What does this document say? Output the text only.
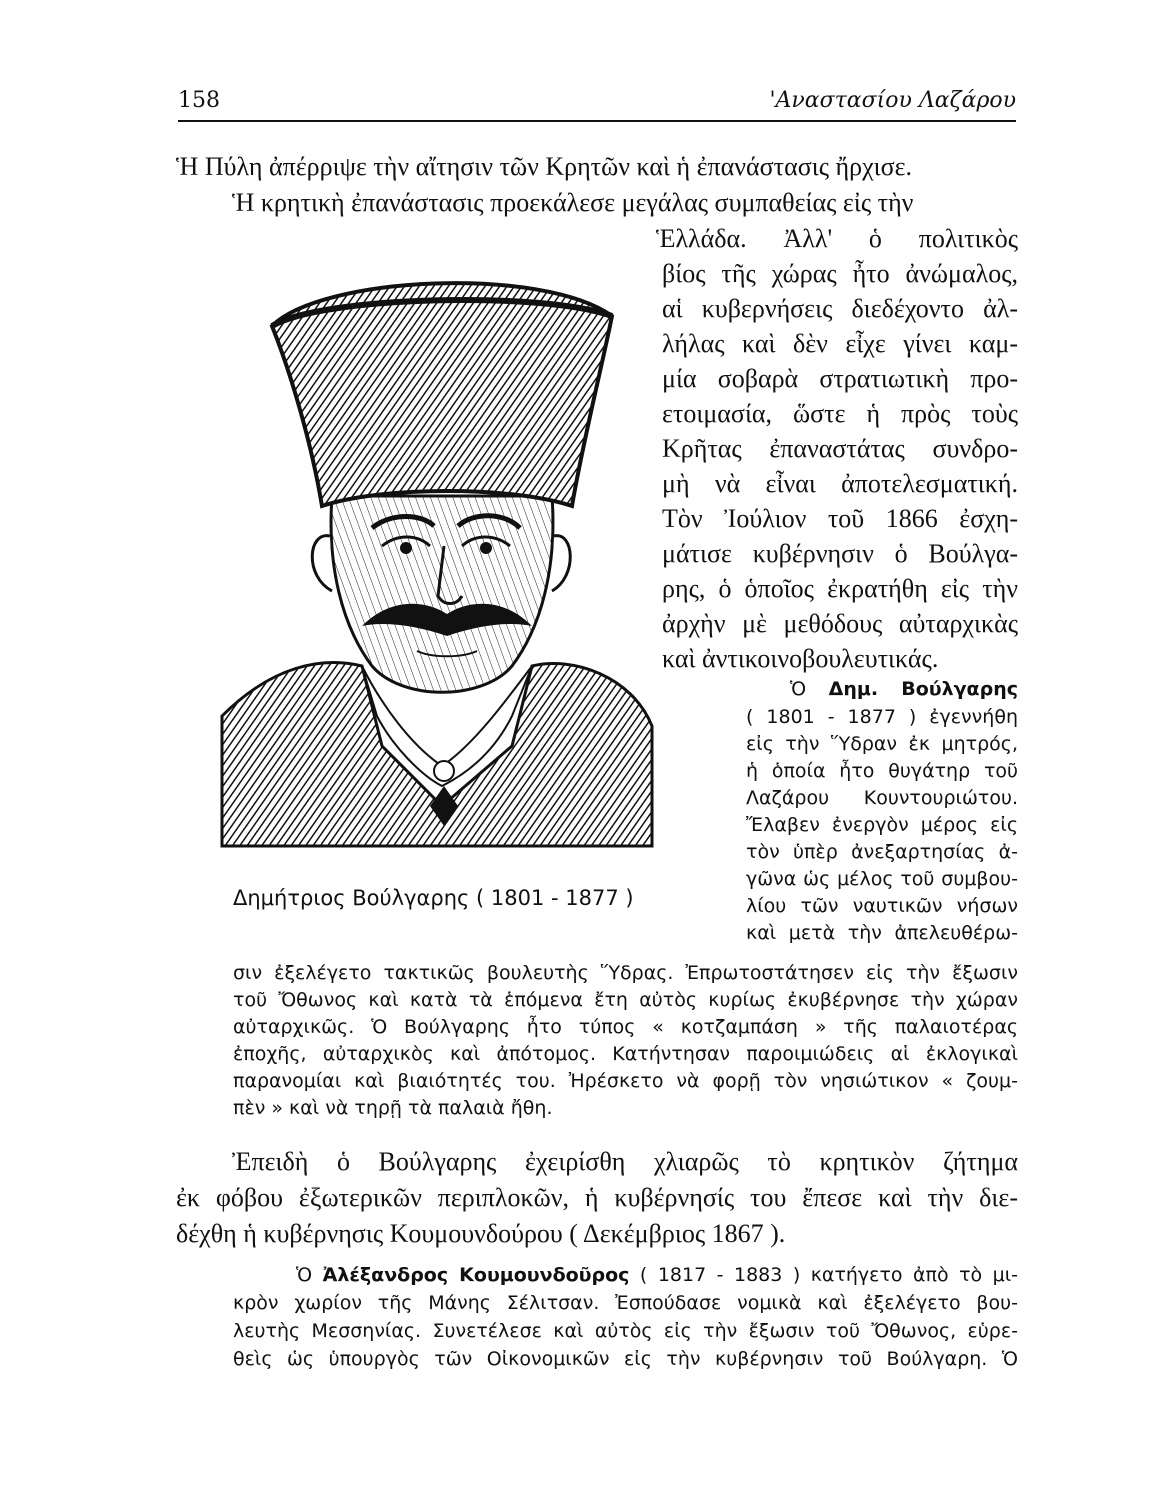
158	'Αναστασίου Λαζάρου
Ἡ Πύλη ἀπέρριψε τὴν αἴτησιν τῶν Κρητῶν καὶ ἡ ἐπανάστασις ἤρχισε.
Ἡ κρητικὴ ἐπανάστασις προεκάλεσε μεγάλας συμπαθείας εἰς τὴν
Ἑλλάδα. Ἀλλ' ὁ πολιτικὸς
βίος τῆς χώρας ἦτο ἀνώμαλος,
αἱ κυβερνήσεις διεδέχοντο ἀλ-
λήλας καὶ δὲν εἶχε γίνει καμ-
μία σοβαρὰ στρατιωτικὴ προ-
ετοιμασία, ὥστε ἡ πρὸς τοὺς
Κρῆτας ἐπαναστάτας συνδρο-
μὴ νὰ εἶναι ἀποτελεσματική.
Τὸν Ἰούλιον τοῦ 1866 ἐσχη-
μάτισε κυβέρνησιν ὁ Βούλγα-
ρης, ὁ ὁποῖος ἐκρατήθη εἰς τὴν
ἀρχὴν μὲ μεθόδους αὐταρχικὰς
καὶ ἀντικοινοβουλευτικάς.
Ὁ Δημ. Βούλγαρης
( 1801 - 1877 ) ἐγεννήθη
εἰς τὴν Ὕδραν ἐκ μητρός,
ἡ ὁποία ἦτο θυγάτηρ τοῦ
Λαζάρου Κουντουριώτου.
Ἔλαβεν ἐνεργὸν μέρος εἰς
τὸν ὑπὲρ ἀνεξαρτησίας ἀ-
γῶνα ὡς μέλος τοῦ συμβου-
λίου τῶν ναυτικῶν νήσων
καὶ μετὰ τὴν ἀπελευθέρω-
σιν ἐξελέγετο τακτικῶς βουλευτὴς Ὕδρας. Ἐπρωτοστάτησεν εἰς τὴν ἔξωσιν
τοῦ Ὄθωνος καὶ κατὰ τὰ ἑπόμενα ἔτη αὐτὸς κυρίως ἐκυβέρνησε τὴν χώραν
αὐταρχικῶς. Ὁ Βούλγαρης ἦτο τύπος « κοτζαμπάση » τῆς παλαιοτέρας
ἐποχῆς, αὐταρχικὸς καὶ ἀπότομος. Κατήντησαν παροιμιώδεις αἱ ἐκλογικαὶ
παρανομίαι καὶ βιαιότητές του. Ἠρέσκετο νὰ φορῇ τὸν νησιώτικον « ζουμ-
πὲν » καὶ νὰ τηρῇ τὰ παλαιὰ ἤθη.
Δημήτριος Βούλγαρης ( 1801 - 1877 )
Ἐπειδὴ ὁ Βούλγαρης ἐχειρίσθη χλιαρῶς τὸ κρητικὸν ζήτημα
ἐκ φόβου ἐξωτερικῶν περιπλοκῶν, ἡ κυβέρνησίς του ἔπεσε καὶ τὴν διε-
δέχθη ἡ κυβέρνησις Κουμουνδούρου ( Δεκέμβριος 1867 ).
Ὁ Ἀλέξανδρος Κουμουνδοῦρος ( 1817 - 1883 ) κατήγετο ἀπὸ τὸ μι-
κρὸν χωρίον τῆς Μάνης Σέλιτσαν. Ἐσπούδασε νομικὰ καὶ ἐξελέγετο βου-
λευτὴς Μεσσηνίας. Συνετέλεσε καὶ αὐτὸς εἰς τὴν ἔξωσιν τοῦ Ὄθωνος, εὑρε-
θεὶς ὡς ὑπουργὸς τῶν Οἰκονομικῶν εἰς τὴν κυβέρνησιν τοῦ Βούλγαρη. Ὁ
